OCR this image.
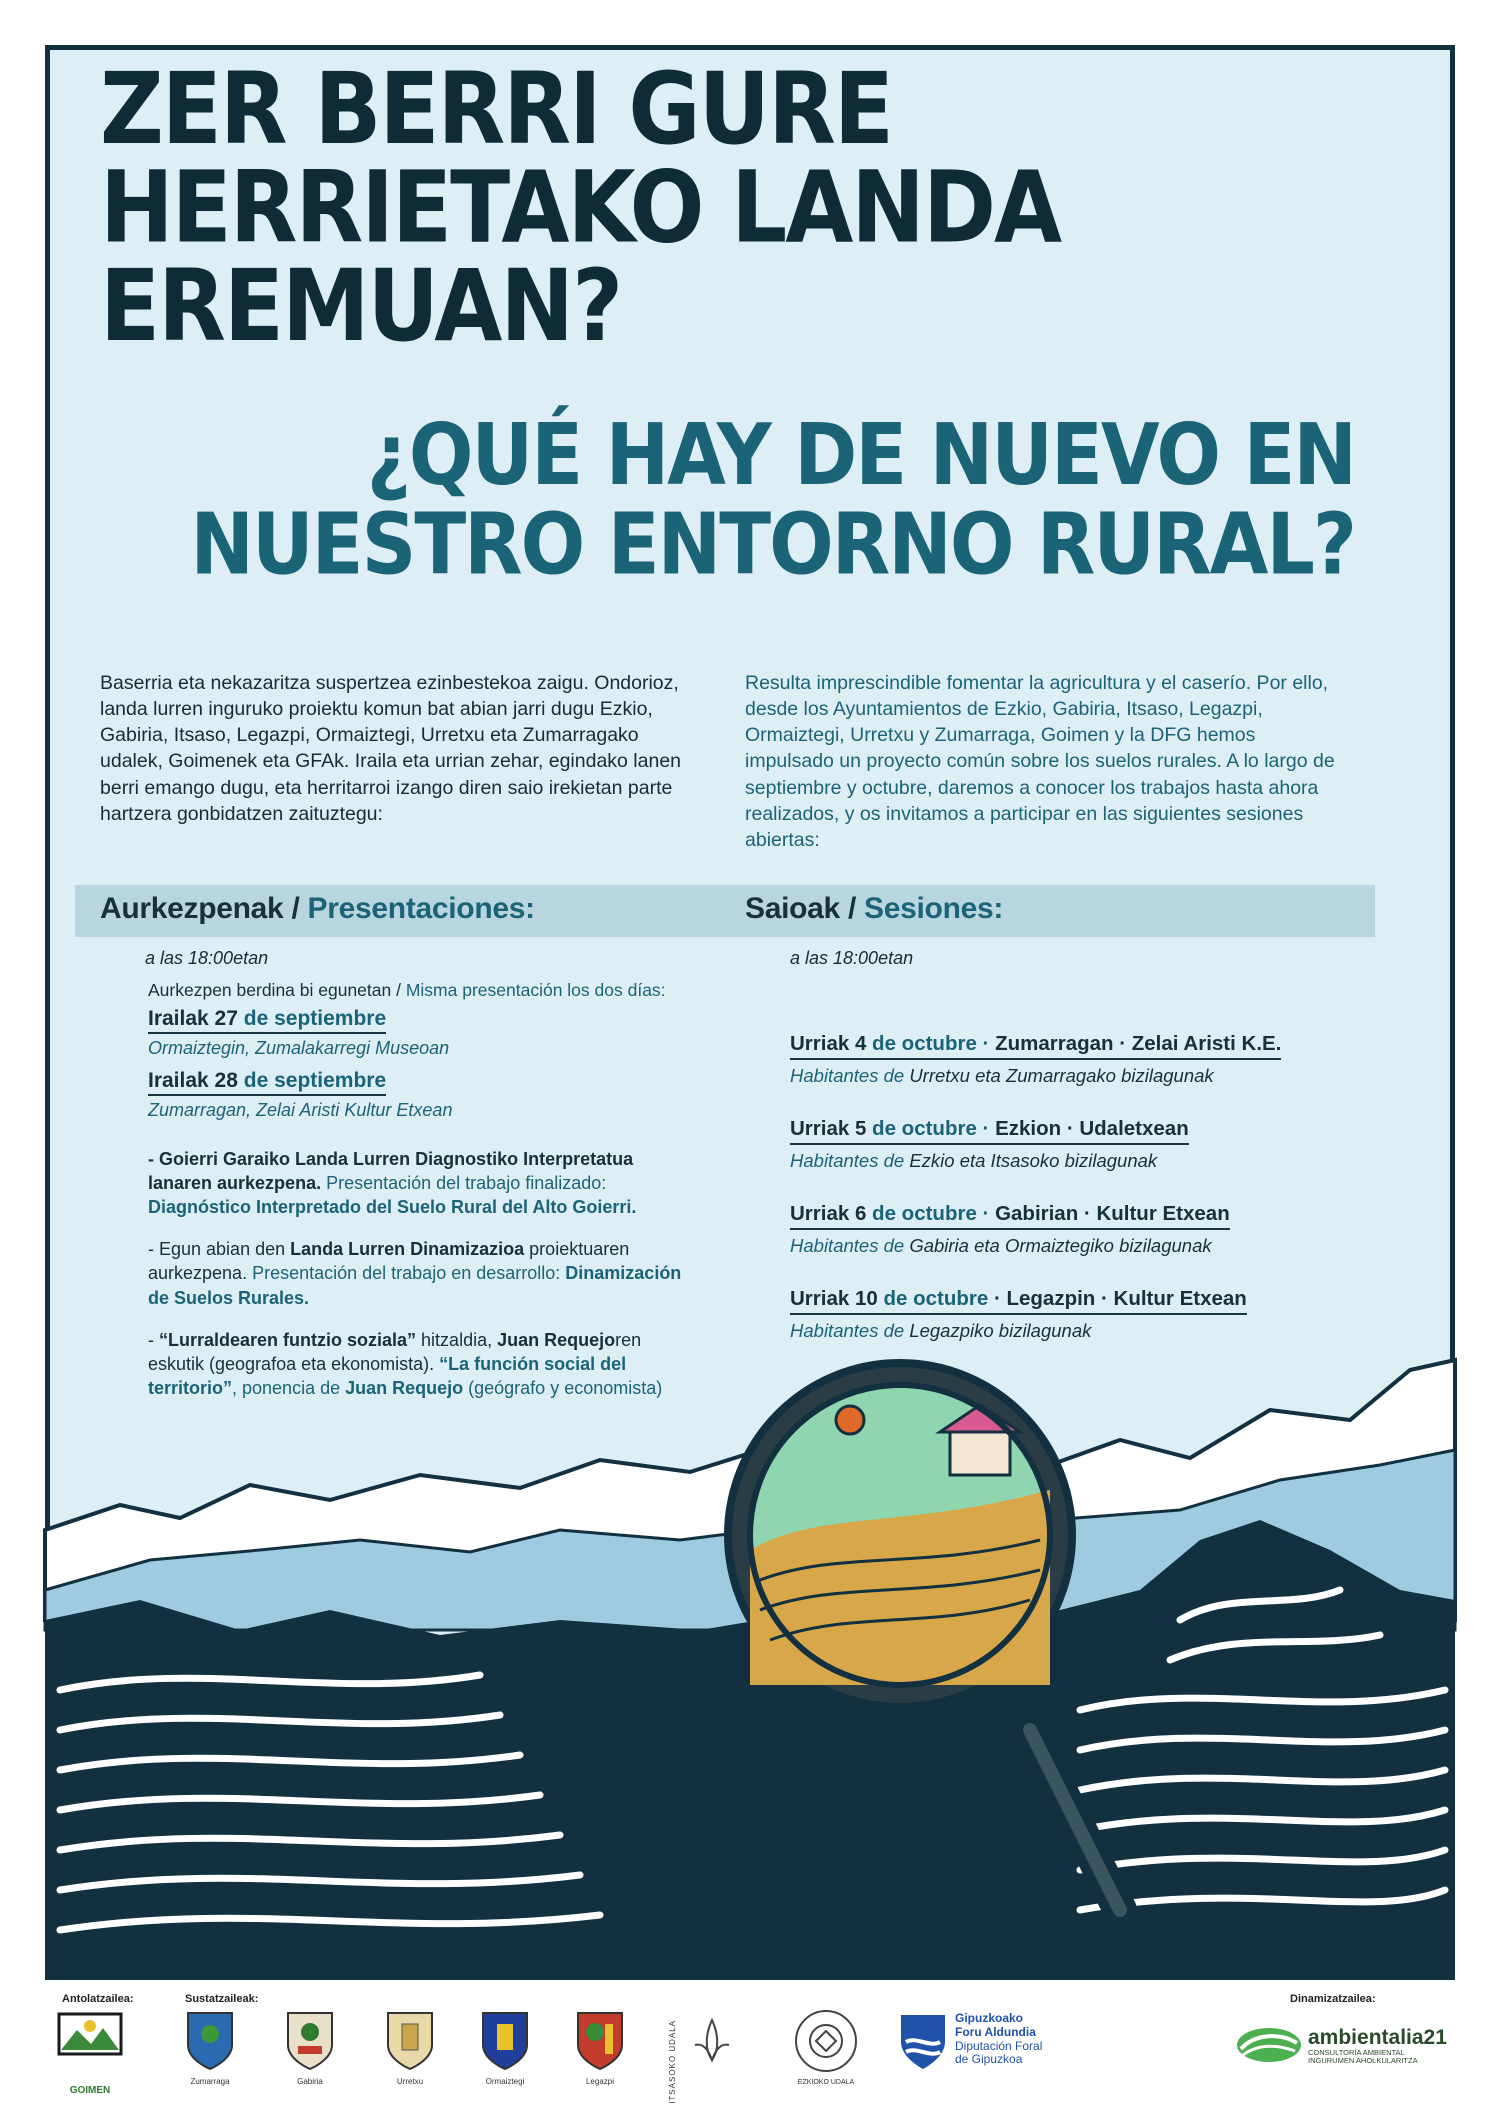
ZER BERRI GURE
HERRIETAKO LANDA
EREMUAN?
¿QUÉ HAY DE NUEVO EN
NUESTRO ENTORNO RURAL?

Baserria eta nekazaritza suspertzea ezinbestekoa zaigu. Ondorioz, landa lurren inguruko proiektu komun bat abian jarri dugu Ezkio, Gabiria, Itsaso, Legazpi, Ormaiztegi, Urretxu eta Zumarragako udalek, Goimenek eta GFAk. Iraila eta urrian zehar, egindako lanen berri emango dugu, eta herritarroi izango diren saio irekietan parte hartzera gonbidatzen zaituztegu:

Resulta imprescindible fomentar la agricultura y el caserío. Por ello, desde los Ayuntamientos de Ezkio, Gabiria, Itsaso, Legazpi, Ormaiztegi, Urretxu y Zumarraga, Goimen y la DFG hemos impulsado un proyecto común sobre los suelos rurales. A lo largo de septiembre y octubre, daremos a conocer los trabajos hasta ahora realizados, y os invitamos a participar en las siguientes sesiones abiertas:

Aurkezpenak / Presentaciones:	Saioak / Sesiones:

a las 18:00etan	a las 18:00etan

Aurkezpen berdina bi egunetan / Misma presentación los dos días:

Irailak 27 de septiembre

Ormaiztegin, Zumalakarregi Museoan

Irailak 28 de septiembre

Zumarragan, Zelai Aristi Kultur Etxean

- Goierri Garaiko Landa Lurren Diagnostiko Interpretatua lanaren aurkezpena. Presentación del trabajo finalizado: Diagnóstico Interpretado del Suelo Rural del Alto Goierri.

- Egun abian den Landa Lurren Dinamizazioa proiektuaren aurkezpena. Presentación del trabajo en desarrollo: Dinamización de Suelos Rurales.

- “Lurraldearen funtzio soziala” hitzaldia, Juan Requejoren eskutik (geografoa eta ekonomista). “La función social del territorio”, ponencia de Juan Requejo (geógrafo y economista)

Urriak 4 de octubre · Zumarragan · Zelai Aristi K.E.

Habitantes de Urretxu eta Zumarragako bizilagunak

Urriak 5 de octubre · Ezkion · Udaletxean

Habitantes de Ezkio eta Itsasoko bizilagunak

Urriak 6 de octubre · Gabirian · Kultur Etxean

Habitantes de Gabiria eta Ormaiztegiko bizilagunak

Urriak 10 de octubre · Legazpin · Kultur Etxean

Habitantes de Legazpiko bizilagunak

Antolatzailea:	Sustatzaileak:	Dinamizatzailea:

GOIMEN

Zumarraga	Gabiria	Urretxu	Ormaiztegi	Legazpi	ITSASOKO UDALA	EZKIOKO UDALA

Gipuzkoako
Foru Aldundia
Diputación Foral
de Gipuzkoa
ambientalia21
CONSULTORÍA AMBIENTAL
INGURUMEN AHOLKULARITZA
